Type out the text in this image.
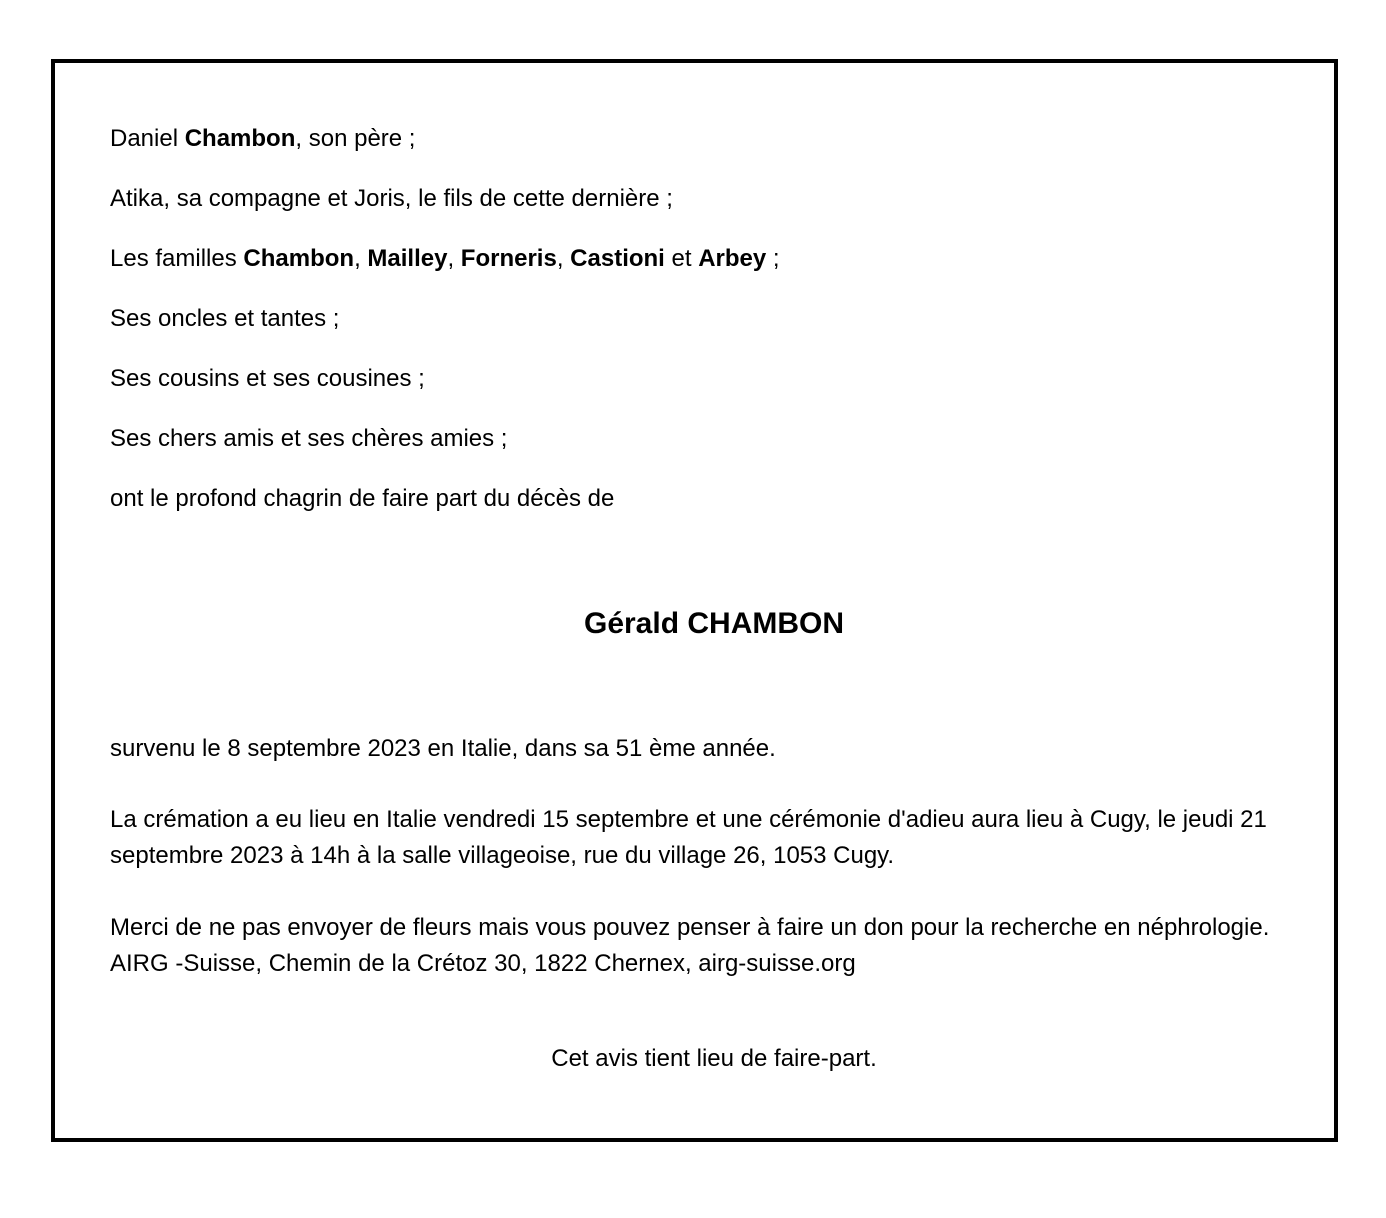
Daniel Chambon, son père ;
Atika, sa compagne et Joris, le fils de cette dernière ;
Les familles Chambon, Mailley, Forneris, Castioni et Arbey ;
Ses oncles et tantes ;
Ses cousins et ses cousines ;
Ses chers amis et ses chères amies ;
ont le profond chagrin de faire part du décès de
Gérald CHAMBON
survenu le 8 septembre 2023 en Italie, dans sa 51 ème année.
La crémation a eu lieu en Italie vendredi 15 septembre et une cérémonie d'adieu aura lieu à Cugy, le jeudi 21 septembre 2023 à 14h à la salle villageoise, rue du village 26, 1053 Cugy.
Merci de ne pas envoyer de fleurs mais vous pouvez penser à faire un don pour la recherche en néphrologie. AIRG -Suisse, Chemin de la Crétoz 30, 1822 Chernex, airg-suisse.org
Cet avis tient lieu de faire-part.
